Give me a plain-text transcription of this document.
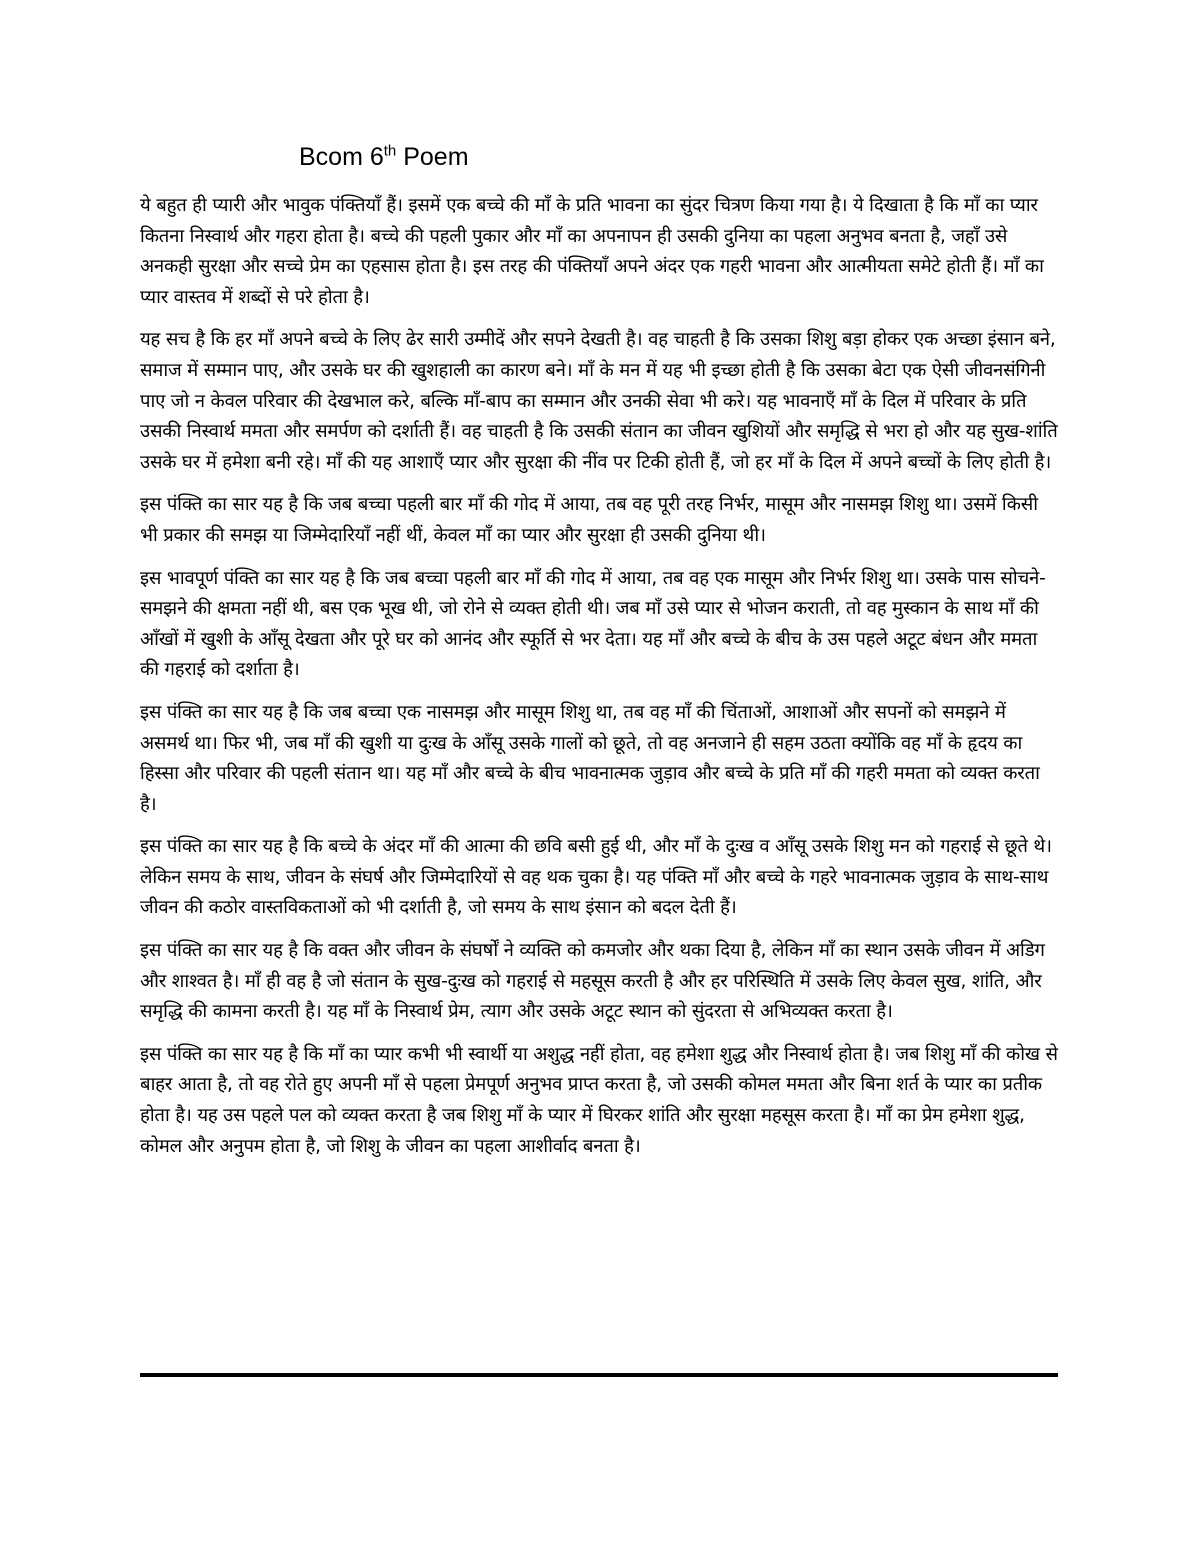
Bcom 6th Poem

ये बहुत ही प्यारी और भावुक पंक्तियाँ हैं। इसमें एक बच्चे की माँ के प्रति भावना का सुंदर चित्रण किया गया है। ये दिखाता है कि माँ का प्यार कितना निस्वार्थ और गहरा होता है। बच्चे की पहली पुकार और माँ का अपनापन ही उसकी दुनिया का पहला अनुभव बनता है, जहाँ उसे अनकही सुरक्षा और सच्चे प्रेम का एहसास होता है। इस तरह की पंक्तियाँ अपने अंदर एक गहरी भावना और आत्मीयता समेटे होती हैं। माँ का प्यार वास्तव में शब्दों से परे होता है।

यह सच है कि हर माँ अपने बच्चे के लिए ढेर सारी उम्मीदें और सपने देखती है। वह चाहती है कि उसका शिशु बड़ा होकर एक अच्छा इंसान बने, समाज में सम्मान पाए, और उसके घर की खुशहाली का कारण बने। माँ के मन में यह भी इच्छा होती है कि उसका बेटा एक ऐसी जीवनसंगिनी पाए जो न केवल परिवार की देखभाल करे, बल्कि माँ-बाप का सम्मान और उनकी सेवा भी करे। यह भावनाएँ माँ के दिल में परिवार के प्रति उसकी निस्वार्थ ममता और समर्पण को दर्शाती हैं। वह चाहती है कि उसकी संतान का जीवन खुशियों और समृद्धि से भरा हो और यह सुख-शांति उसके घर में हमेशा बनी रहे। माँ की यह आशाएँ प्यार और सुरक्षा की नींव पर टिकी होती हैं, जो हर माँ के दिल में अपने बच्चों के लिए होती है।

इस पंक्ति का सार यह है कि जब बच्चा पहली बार माँ की गोद में आया, तब वह पूरी तरह निर्भर, मासूम और नासमझ शिशु था। उसमें किसी भी प्रकार की समझ या जिम्मेदारियाँ नहीं थीं, केवल माँ का प्यार और सुरक्षा ही उसकी दुनिया थी।

इस भावपूर्ण पंक्ति का सार यह है कि जब बच्चा पहली बार माँ की गोद में आया, तब वह एक मासूम और निर्भर शिशु था। उसके पास सोचने-समझने की क्षमता नहीं थी, बस एक भूख थी, जो रोने से व्यक्त होती थी। जब माँ उसे प्यार से भोजन कराती, तो वह मुस्कान के साथ माँ की आँखों में खुशी के आँसू देखता और पूरे घर को आनंद और स्फूर्ति से भर देता। यह माँ और बच्चे के बीच के उस पहले अटूट बंधन और ममता की गहराई को दर्शाता है।

इस पंक्ति का सार यह है कि जब बच्चा एक नासमझ और मासूम शिशु था, तब वह माँ की चिंताओं, आशाओं और सपनों को समझने में असमर्थ था। फिर भी, जब माँ की खुशी या दुःख के आँसू उसके गालों को छूते, तो वह अनजाने ही सहम उठता क्योंकि वह माँ के हृदय का हिस्सा और परिवार की पहली संतान था। यह माँ और बच्चे के बीच भावनात्मक जुड़ाव और बच्चे के प्रति माँ की गहरी ममता को व्यक्त करता है।

इस पंक्ति का सार यह है कि बच्चे के अंदर माँ की आत्मा की छवि बसी हुई थी, और माँ के दुःख व आँसू उसके शिशु मन को गहराई से छूते थे। लेकिन समय के साथ, जीवन के संघर्ष और जिम्मेदारियों से वह थक चुका है। यह पंक्ति माँ और बच्चे के गहरे भावनात्मक जुड़ाव के साथ-साथ जीवन की कठोर वास्तविकताओं को भी दर्शाती है, जो समय के साथ इंसान को बदल देती हैं।

इस पंक्ति का सार यह है कि वक्त और जीवन के संघर्षों ने व्यक्ति को कमजोर और थका दिया है, लेकिन माँ का स्थान उसके जीवन में अडिग और शाश्वत है। माँ ही वह है जो संतान के सुख-दुःख को गहराई से महसूस करती है और हर परिस्थिति में उसके लिए केवल सुख, शांति, और समृद्धि की कामना करती है। यह माँ के निस्वार्थ प्रेम, त्याग और उसके अटूट स्थान को सुंदरता से अभिव्यक्त करता है।

इस पंक्ति का सार यह है कि माँ का प्यार कभी भी स्वार्थी या अशुद्ध नहीं होता, वह हमेशा शुद्ध और निस्वार्थ होता है। जब शिशु माँ की कोख से बाहर आता है, तो वह रोते हुए अपनी माँ से पहला प्रेमपूर्ण अनुभव प्राप्त करता है, जो उसकी कोमल ममता और बिना शर्त के प्यार का प्रतीक होता है। यह उस पहले पल को व्यक्त करता है जब शिशु माँ के प्यार में घिरकर शांति और सुरक्षा महसूस करता है। माँ का प्रेम हमेशा शुद्ध, कोमल और अनुपम होता है, जो शिशु के जीवन का पहला आशीर्वाद बनता है।
